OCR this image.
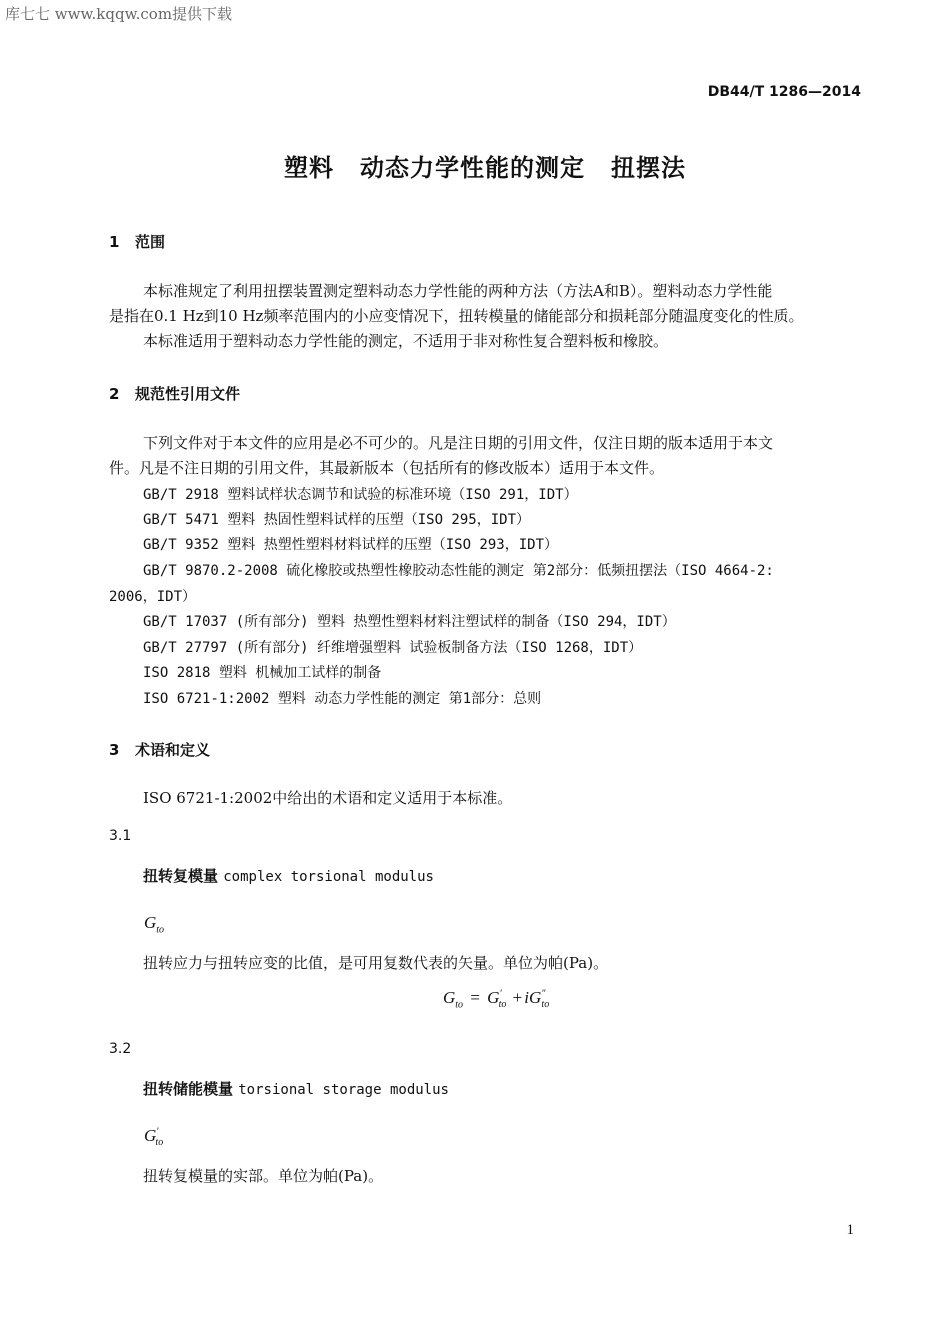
库七七 www.kqqw.com提供下载
DB44/T 1286—2014
塑料 动态力学性能的测定 扭摆法
1 范围
本标准规定了利用扭摆装置测定塑料动态力学性能的两种方法（方法A和B）。塑料动态力学性能
是指在0.1 Hz到10 Hz频率范围内的小应变情况下，扭转模量的储能部分和损耗部分随温度变化的性质。
本标准适用于塑料动态力学性能的测定，不适用于非对称性复合塑料板和橡胶。
2 规范性引用文件
下列文件对于本文件的应用是必不可少的。凡是注日期的引用文件，仅注日期的版本适用于本文
件。凡是不注日期的引用文件，其最新版本（包括所有的修改版本）适用于本文件。
GB/T 2918 塑料试样状态调节和试验的标准环境（ISO 291，IDT）
GB/T 5471 塑料 热固性塑料试样的压塑（ISO 295，IDT）
GB/T 9352 塑料 热塑性塑料材料试样的压塑（ISO 293，IDT）
GB/T 9870.2-2008 硫化橡胶或热塑性橡胶动态性能的测定 第2部分：低频扭摆法（ISO 4664-2:
2006，IDT）
GB/T 17037 (所有部分) 塑料 热塑性塑料材料注塑试样的制备（ISO 294，IDT）
GB/T 27797 (所有部分) 纤维增强塑料 试验板制备方法（ISO 1268，IDT）
ISO 2818 塑料 机械加工试样的制备
ISO 6721-1:2002 塑料 动态力学性能的测定 第1部分：总则
3 术语和定义
ISO 6721-1:2002中给出的术语和定义适用于本标准。
3.1
扭转复模量 complex torsional modulus
$G_{to}$
扭转应力与扭转应变的比值，是可用复数代表的矢量。单位为帕(Pa)。
$G_{to} = G'_{to} + iG^"_{to}$
3.2
扭转储能模量 torsional storage modulus
$G'_{to}$
扭转复模量的实部。单位为帕(Pa)。
1
